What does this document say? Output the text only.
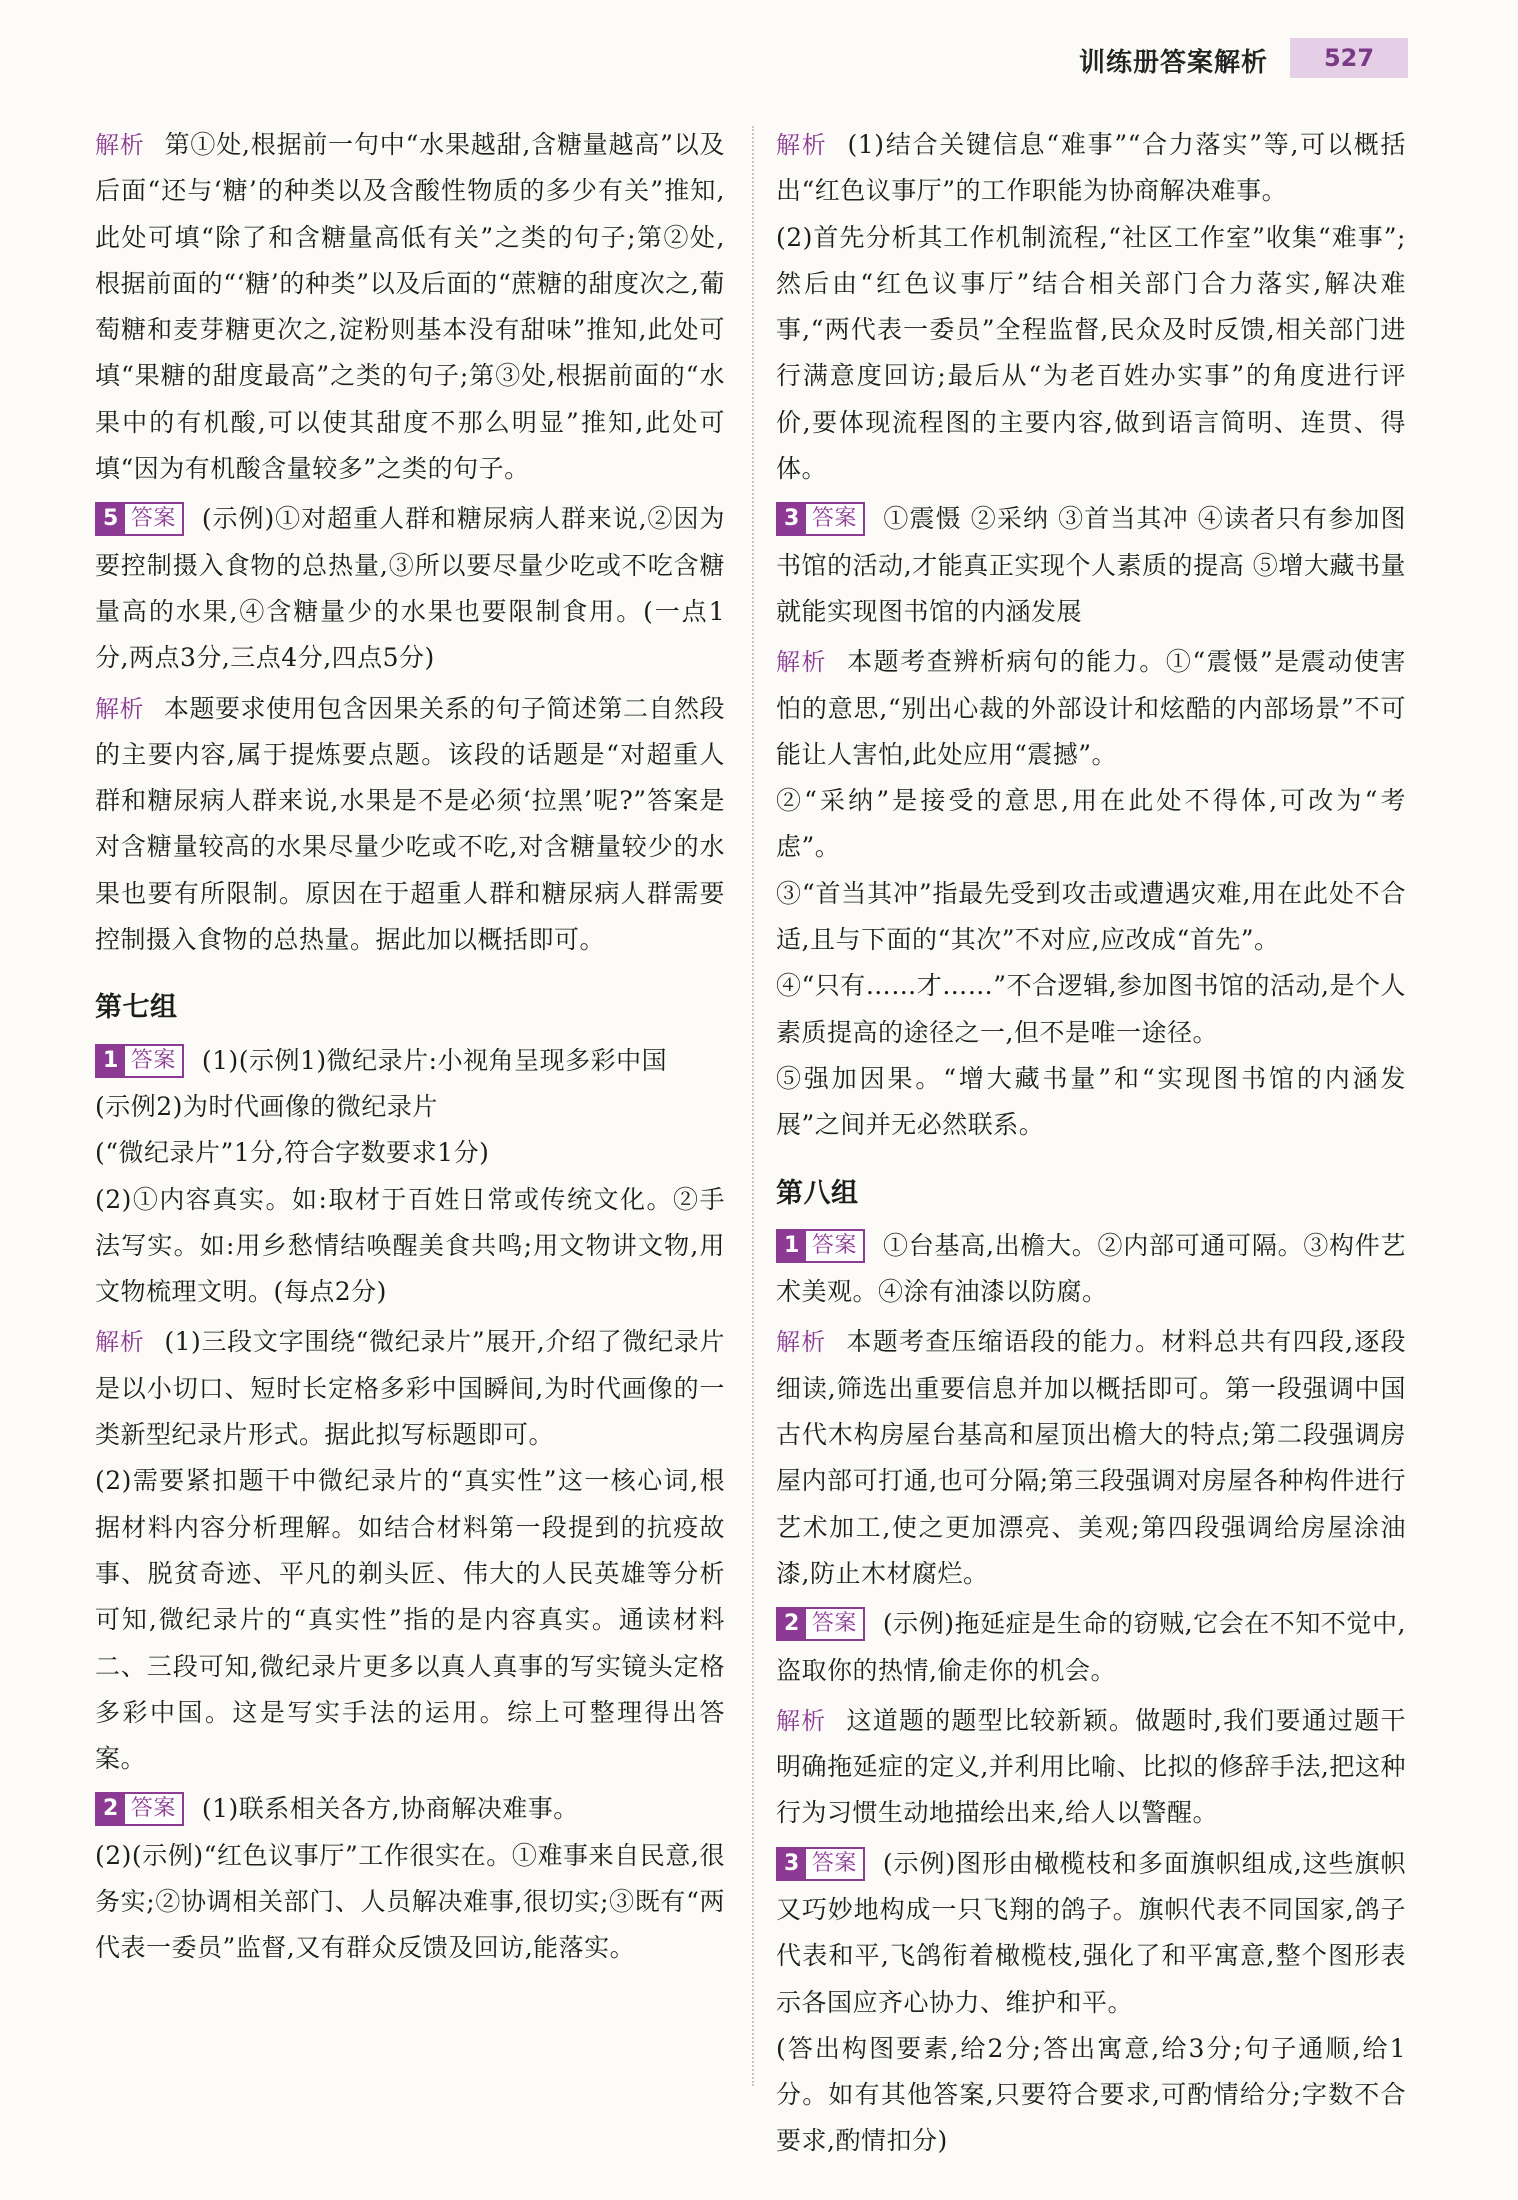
训练册答案解析	527

解析 第①处,根据前一句中“水果越甜,含糖量越高”以及后面“还与‘糖’的种类以及含酸性物质的多少有关”推知,此处可填“除了和含糖量高低有关”之类的句子;第②处,根据前面的“‘糖’的种类”以及后面的“蔗糖的甜度次之,葡萄糖和麦芽糖更次之,淀粉则基本没有甜味”推知,此处可填“果糖的甜度最高”之类的句子;第③处,根据前面的“水果中的有机酸,可以使其甜度不那么明显”推知,此处可填“因为有机酸含量较多”之类的句子。

5 答案 (示例)①对超重人群和糖尿病人群来说,②因为要控制摄入食物的总热量,③所以要尽量少吃或不吃含糖量高的水果,④含糖量少的水果也要限制食用。(一点1分,两点3分,三点4分,四点5分)

解析 本题要求使用包含因果关系的句子简述第二自然段的主要内容,属于提炼要点题。该段的话题是“对超重人群和糖尿病人群来说,水果是不是必须‘拉黑’呢?”答案是对含糖量较高的水果尽量少吃或不吃,对含糖量较少的水果也要有所限制。原因在于超重人群和糖尿病人群需要控制摄入食物的总热量。据此加以概括即可。

第七组

1 答案 (1)(示例1)微纪录片:小视角呈现多彩中国

(示例2)为时代画像的微纪录片

(“微纪录片”1分,符合字数要求1分)

(2)①内容真实。如:取材于百姓日常或传统文化。②手法写实。如:用乡愁情结唤醒美食共鸣;用文物讲文物,用文物梳理文明。(每点2分)

解析 (1)三段文字围绕“微纪录片”展开,介绍了微纪录片是以小切口、短时长定格多彩中国瞬间,为时代画像的一类新型纪录片形式。据此拟写标题即可。

(2)需要紧扣题干中微纪录片的“真实性”这一核心词,根据材料内容分析理解。如结合材料第一段提到的抗疫故事、脱贫奇迹、平凡的剃头匠、伟大的人民英雄等分析可知,微纪录片的“真实性”指的是内容真实。通读材料二、三段可知,微纪录片更多以真人真事的写实镜头定格多彩中国。这是写实手法的运用。综上可整理得出答案。

2 答案 (1)联系相关各方,协商解决难事。

(2)(示例)“红色议事厅”工作很实在。①难事来自民意,很务实;②协调相关部门、人员解决难事,很切实;③既有“两代表一委员”监督,又有群众反馈及回访,能落实。

解析 (1)结合关键信息“难事”“合力落实”等,可以概括出“红色议事厅”的工作职能为协商解决难事。

(2)首先分析其工作机制流程,“社区工作室”收集“难事”;然后由“红色议事厅”结合相关部门合力落实,解决难事,“两代表一委员”全程监督,民众及时反馈,相关部门进行满意度回访;最后从“为老百姓办实事”的角度进行评价,要体现流程图的主要内容,做到语言简明、连贯、得体。

3 答案 ①震慑 ②采纳 ③首当其冲 ④读者只有参加图书馆的活动,才能真正实现个人素质的提高 ⑤增大藏书量就能实现图书馆的内涵发展

解析 本题考查辨析病句的能力。①“震慑”是震动使害怕的意思,“别出心裁的外部设计和炫酷的内部场景”不可能让人害怕,此处应用“震撼”。

②“采纳”是接受的意思,用在此处不得体,可改为“考虑”。

③“首当其冲”指最先受到攻击或遭遇灾难,用在此处不合适,且与下面的“其次”不对应,应改成“首先”。

④“只有……才……”不合逻辑,参加图书馆的活动,是个人素质提高的途径之一,但不是唯一途径。

⑤强加因果。“增大藏书量”和“实现图书馆的内涵发展”之间并无必然联系。

第八组

1 答案 ①台基高,出檐大。②内部可通可隔。③构件艺术美观。④涂有油漆以防腐。

解析 本题考查压缩语段的能力。材料总共有四段,逐段细读,筛选出重要信息并加以概括即可。第一段强调中国古代木构房屋台基高和屋顶出檐大的特点;第二段强调房屋内部可打通,也可分隔;第三段强调对房屋各种构件进行艺术加工,使之更加漂亮、美观;第四段强调给房屋涂油漆,防止木材腐烂。

2 答案 (示例)拖延症是生命的窃贼,它会在不知不觉中,盗取你的热情,偷走你的机会。

解析 这道题的题型比较新颖。做题时,我们要通过题干明确拖延症的定义,并利用比喻、比拟的修辞手法,把这种行为习惯生动地描绘出来,给人以警醒。

3 答案 (示例)图形由橄榄枝和多面旗帜组成,这些旗帜又巧妙地构成一只飞翔的鸽子。旗帜代表不同国家,鸽子代表和平,飞鸽衔着橄榄枝,强化了和平寓意,整个图形表示各国应齐心协力、维护和平。

(答出构图要素,给2分;答出寓意,给3分;句子通顺,给1分。如有其他答案,只要符合要求,可酌情给分;字数不合要求,酌情扣分)
